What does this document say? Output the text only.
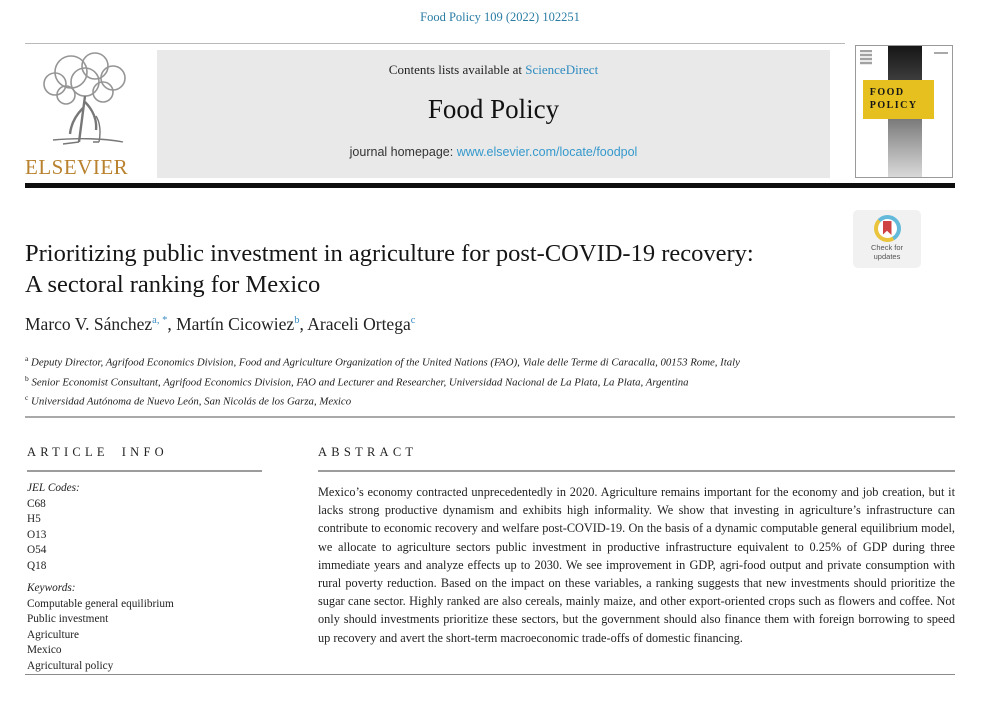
Food Policy 109 (2022) 102251
ELSEVIER
Contents lists available at ScienceDirect
Food Policy
journal homepage: www.elsevier.com/locate/foodpol
FOOD
POLICY
Check for
updates
Prioritizing public investment in agriculture for post-COVID-19 recovery:
A sectoral ranking for Mexico
Marco V. Sánchez$^{a, *}$, Martín Cicowiez$^b$, Araceli Ortega$^c$
$^a$ Deputy Director, Agrifood Economics Division, Food and Agriculture Organization of the United Nations (FAO), Viale delle Terme di Caracalla, 00153 Rome, Italy
$^b$ Senior Economist Consultant, Agrifood Economics Division, FAO and Lecturer and Researcher, Universidad Nacional de La Plata, La Plata, Argentina
$^c$ Universidad Autónoma de Nuevo León, San Nicolás de los Garza, Mexico
ARTICLE INFO
JEL Codes:
C68
H5
O13
O54
Q18
Keywords:
Computable general equilibrium
Public investment
Agriculture
Mexico
Agricultural policy
ABSTRACT

Mexico’s economy contracted unprecedentedly in 2020. Agriculture remains important for the economy and job creation, but it lacks strong productive dynamism and exhibits high informality. We show that investing in agriculture’s infrastructure can contribute to economic recovery and welfare post-COVID-19. On the basis of a dynamic computable general equilibrium model, we allocate to agriculture sectors public investment in productive infrastructure equivalent to 0.25% of GDP during three immediate years and analyze effects up to 2030. We see improvement in GDP, agri-food output and private consumption with rural poverty reduction. Based on the impact on these variables, a ranking suggests that new investments should prioritize the sugar cane sector. Highly ranked are also cereals, mainly maize, and other export-oriented crops such as flowers and coffee. Not only should investments prioritize these sectors, but the government should also finance them with foreign borrowing to speed up recovery and avert the short-term macroeconomic trade-offs of domestic financing.
